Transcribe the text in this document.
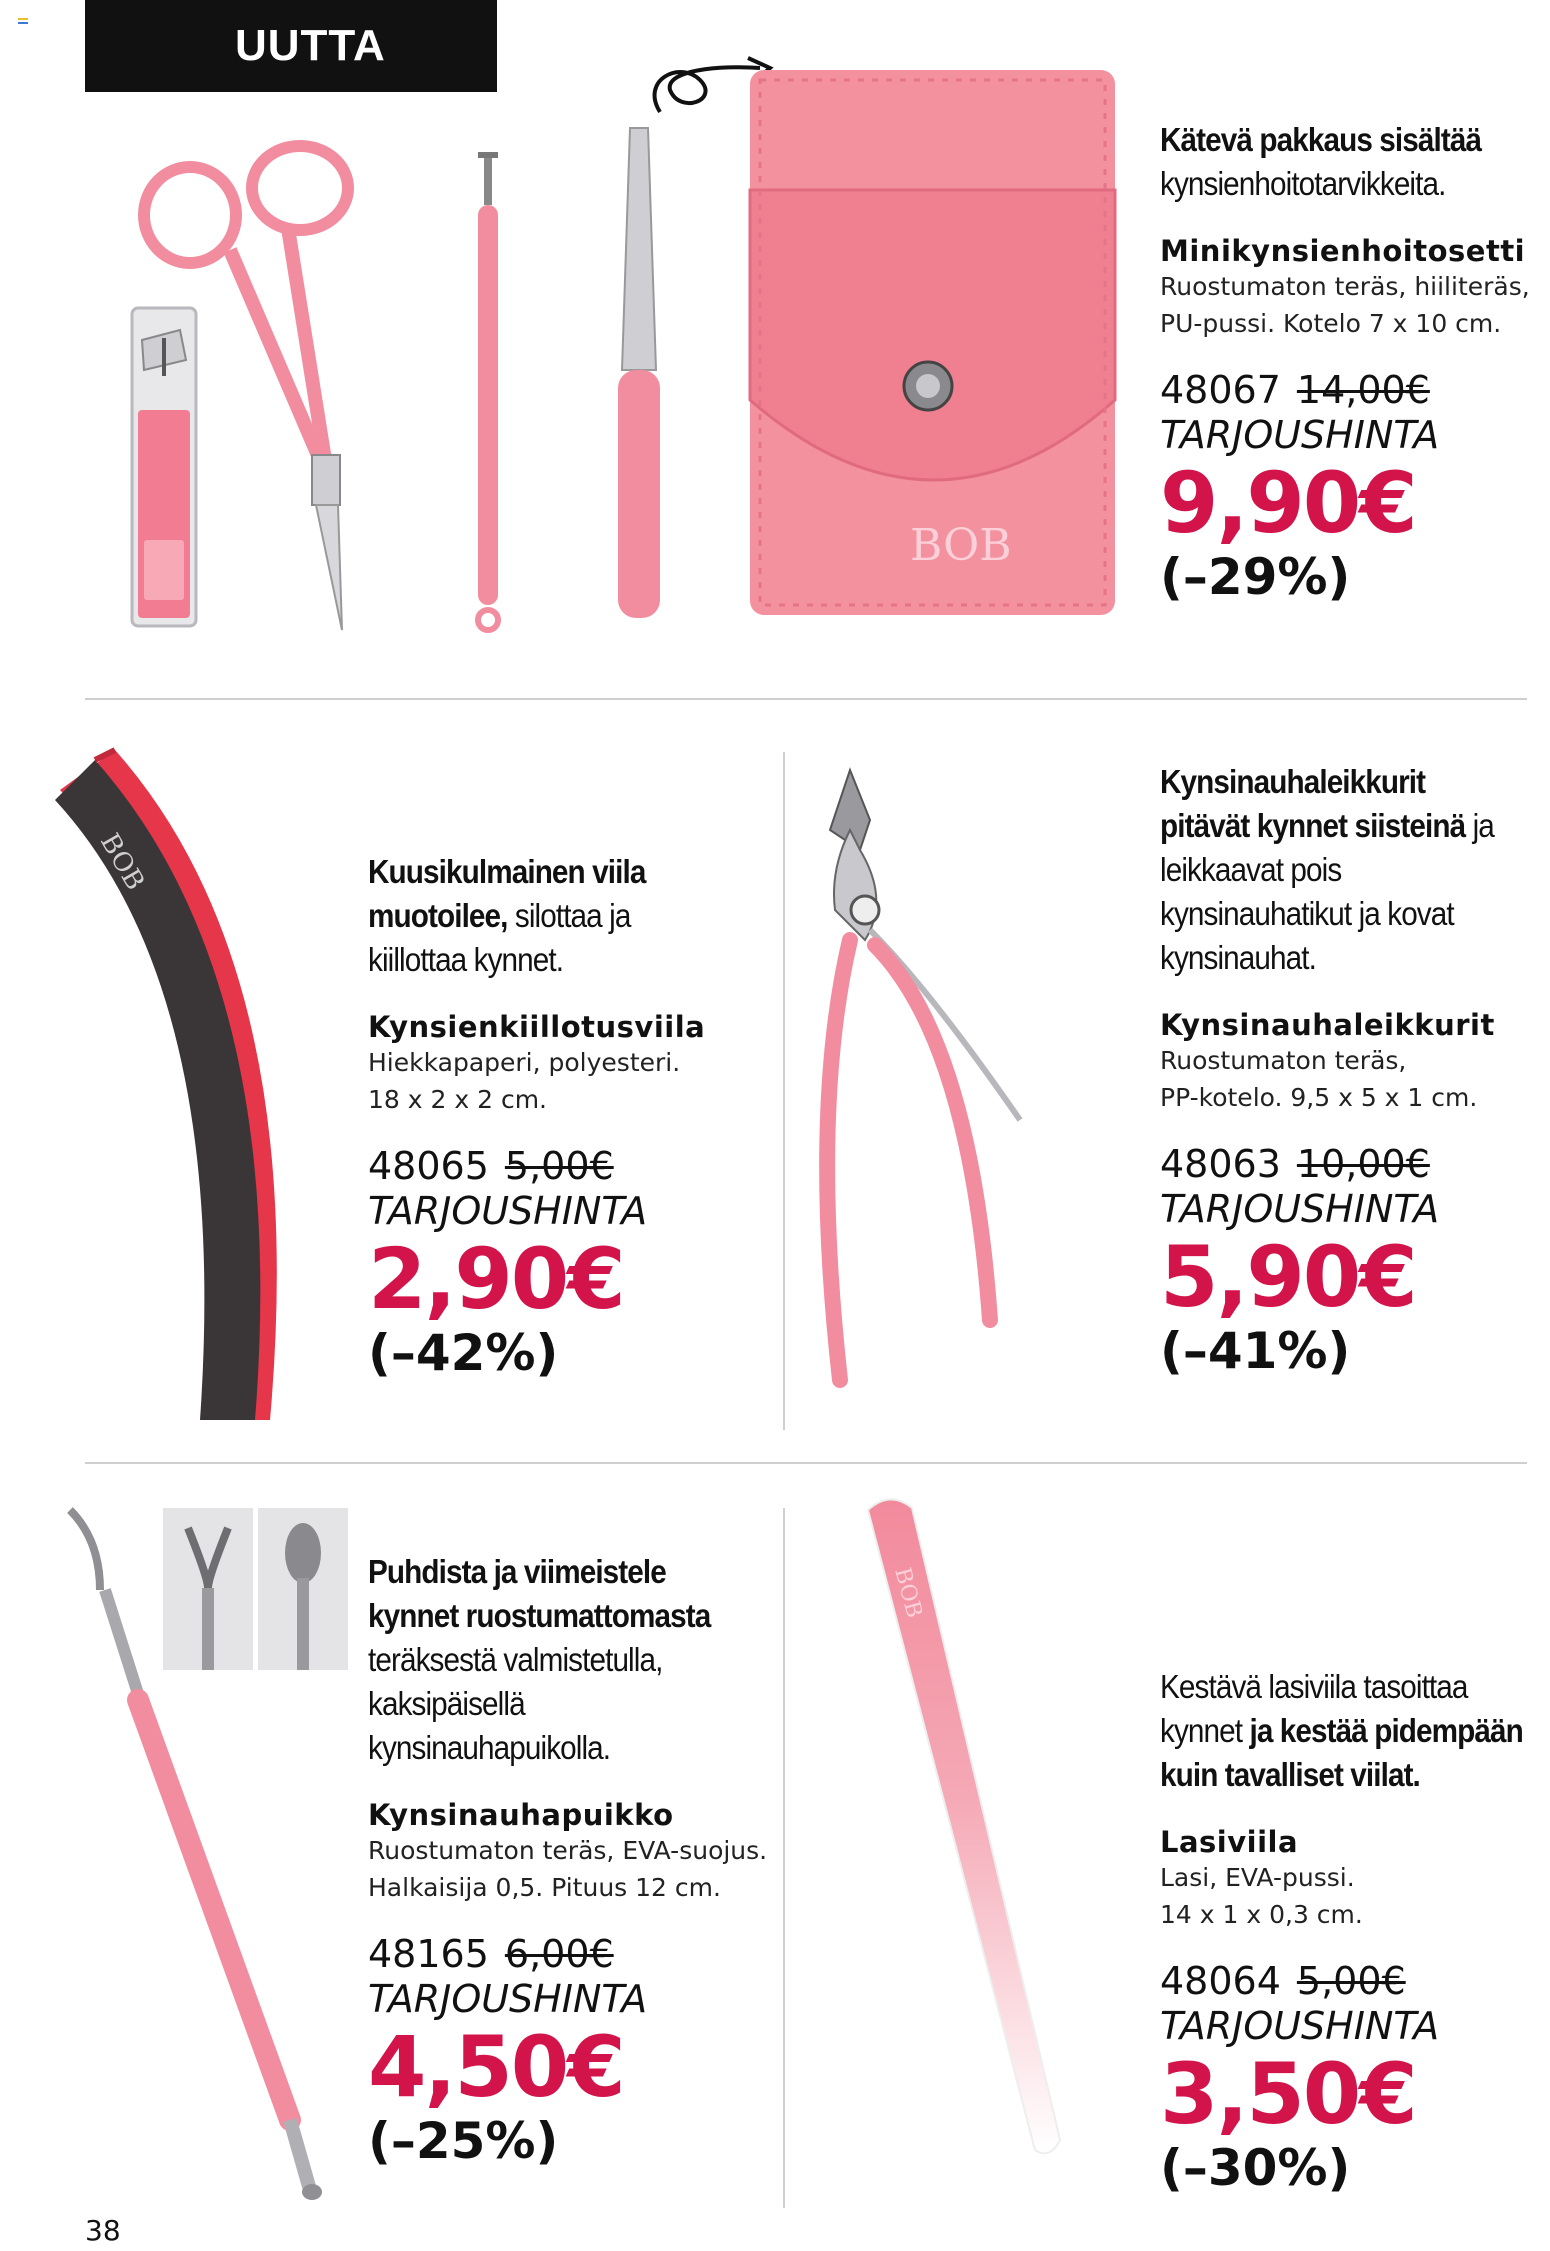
UUTTA
BOB
Kätevä pakkaus sisältää
kynsienhoitotarvikkeita.
Minikynsienhoitosetti
Ruostumaton teräs, hiiliteräs,
PU-pussi. Kotelo 7 x 10 cm.
48067 14,00€
TARJOUSHINTA
9,90€
(–29%)
BOB	Kuusikulmainen viila muotoilee, silottaa ja kiillottaa kynnet.
Kynsienkiillotusviila
Hiekkapaperi, polyesteri.
18 x 2 x 2 cm.
48065 5,00€
TARJOUSHINTA
2,90€
(–42%)
Kynsinauhaleikkurit pitävät kynnet siisteinä ja leikkaavat pois kynsinauhatikut ja kovat kynsinauhat.
Kynsinauhaleikkurit
Ruostumaton teräs,
PP-kotelo. 9,5 x 5 x 1 cm.
48063 10,00€
TARJOUSHINTA
5,90€
(–41%)
Puhdista ja viimeistele kynnet ruostumattomasta teräksestä valmistetulla, kaksipäisellä kynsinauhapuikolla.
Kynsinauhapuikko
Ruostumaton teräs, EVA-suojus.
Halkaisija 0,5. Pituus 12 cm.
48165 6,00€
TARJOUSHINTA
4,50€
(–25%)
BOB
Kestävä lasiviila tasoittaa kynnet ja kestää pidempään kuin tavalliset viilat.
Lasiviila
Lasi, EVA-pussi.
14 x 1 x 0,3 cm.
48064 5,00€
TARJOUSHINTA
3,50€
(–30%)
38
